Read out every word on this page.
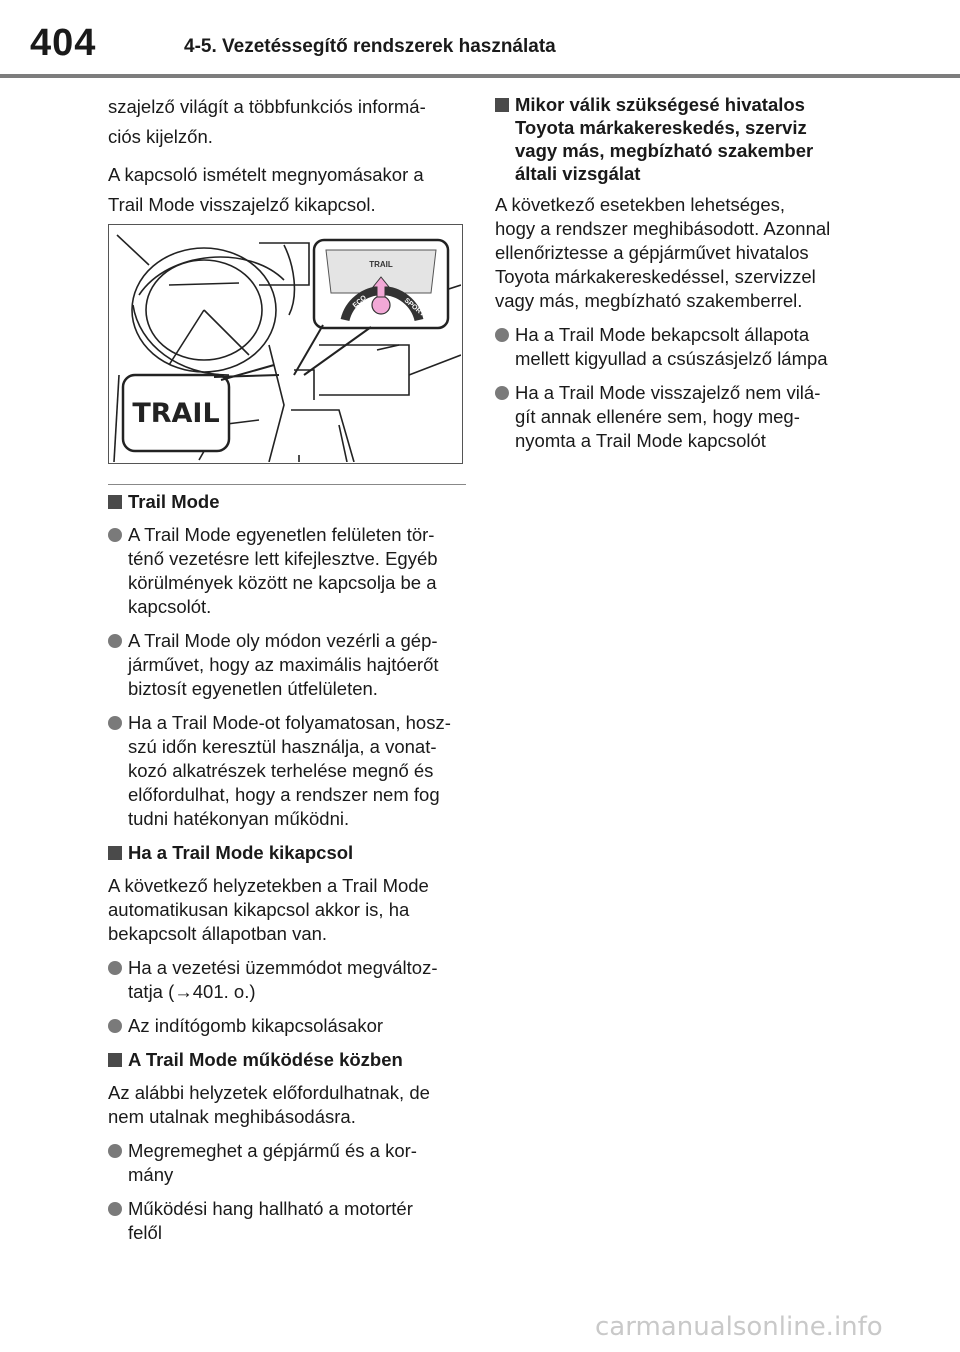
404	4-5. Vezetéssegítő rendszerek használata

szajelző világít a többfunkciós informá-

ciós kijelzőn.

A kapcsoló ismételt megnyomásakor a

Trail Mode visszajelző kikapcsol.

TRAIL
ECO	SPORT
TRAIL
Trail Mode

A Trail Mode egyenetlen felületen tör-

ténő vezetésre lett kifejlesztve. Egyéb

körülmények között ne kapcsolja be a

kapcsolót.

A Trail Mode oly módon vezérli a gép-

járművet, hogy az maximális hajtóerőt

biztosít egyenetlen útfelületen.

Ha a Trail Mode-ot folyamatosan, hosz-

szú időn keresztül használja, a vonat-

kozó alkatrészek terhelése megnő és

előfordulhat, hogy a rendszer nem fog

tudni hatékonyan működni.

Ha a Trail Mode kikapcsol

A következő helyzetekben a Trail Mode

automatikusan kikapcsol akkor is, ha

bekapcsolt állapotban van.

Ha a vezetési üzemmódot megváltoz-

tatja (→401. o.)

Az indítógomb kikapcsolásakor

A Trail Mode működése közben

Az alábbi helyzetek előfordulhatnak, de

nem utalnak meghibásodásra.

Megremeghet a gépjármű és a kor-

mány

Működési hang hallható a motortér

felől

Mikor válik szükségesé hivatalos
Toyota márkakereskedés, szerviz
vagy más, megbízható szakember
általi vizsgálat

A következő esetekben lehetséges,

hogy a rendszer meghibásodott. Azonnal

ellenőriztesse a gépjárművet hivatalos

Toyota márkakereskedéssel, szervizzel

vagy más, megbízható szakemberrel.

Ha a Trail Mode bekapcsolt állapota

mellett kigyullad a csúszásjelző lámpa

Ha a Trail Mode visszajelző nem vilá-

gít annak ellenére sem, hogy meg-

nyomta a Trail Mode kapcsolót

carmanualsonline.info
